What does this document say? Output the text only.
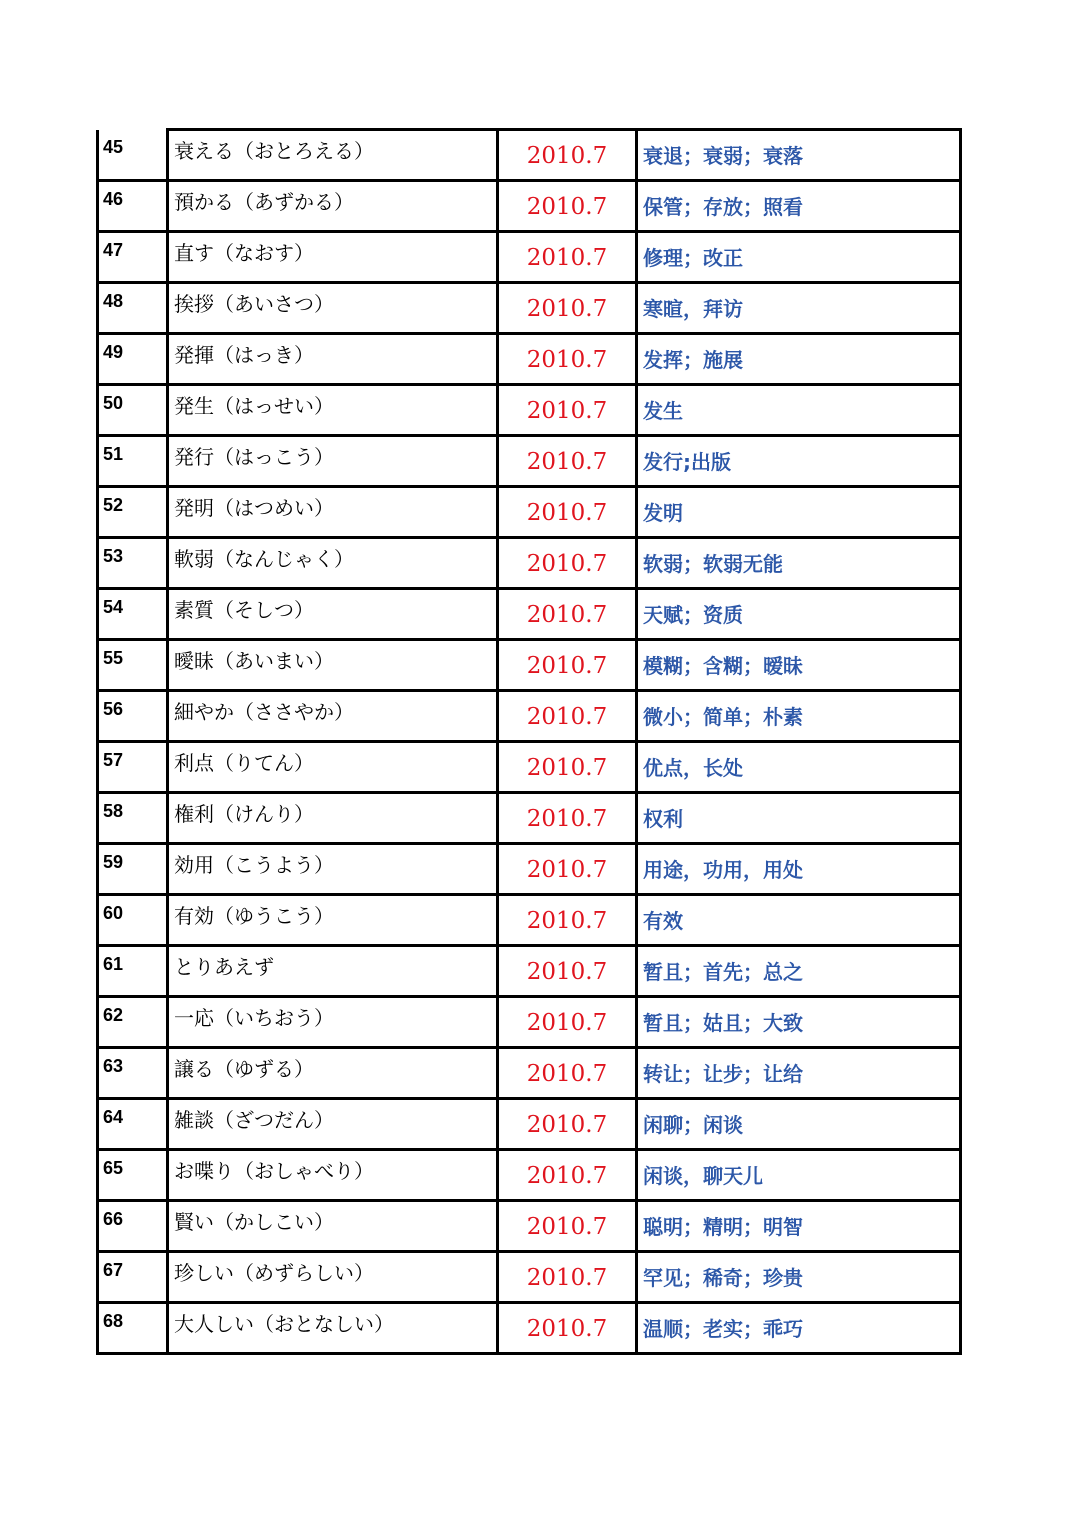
45	衰える（おとろえる）	2010.7	衰退；衰弱；衰落
46	預かる（あずかる）	2010.7	保管；存放；照看
47	直す（なおす）	2010.7	修理；改正
48	挨拶（あいさつ）	2010.7	寒暄，拜访
49	発揮（はっき）	2010.7	发挥；施展
50	発生（はっせい）	2010.7	发生
51	発行（はっこう）	2010.7	发行;出版
52	発明（はつめい）	2010.7	发明
53	軟弱（なんじゃく）	2010.7	软弱；软弱无能
54	素質（そしつ）	2010.7	天赋；资质
55	曖昧（あいまい）	2010.7	模糊；含糊；暧昧
56	細やか（ささやか）	2010.7	微小；简单；朴素
57	利点（りてん）	2010.7	优点，长处
58	権利（けんり）	2010.7	权利
59	効用（こうよう）	2010.7	用途，功用，用处
60	有効（ゆうこう）	2010.7	有效
61	とりあえず	2010.7	暂且；首先；总之
62	一応（いちおう）	2010.7	暂且；姑且；大致
63	譲る（ゆずる）	2010.7	转让；让步；让给
64	雑談（ざつだん）	2010.7	闲聊；闲谈
65	お喋り（おしゃべり）	2010.7	闲谈，聊天儿
66	賢い（かしこい）	2010.7	聪明；精明；明智
67	珍しい（めずらしい）	2010.7	罕见；稀奇；珍贵
68	大人しい（おとなしい）	2010.7	温顺；老实；乖巧
